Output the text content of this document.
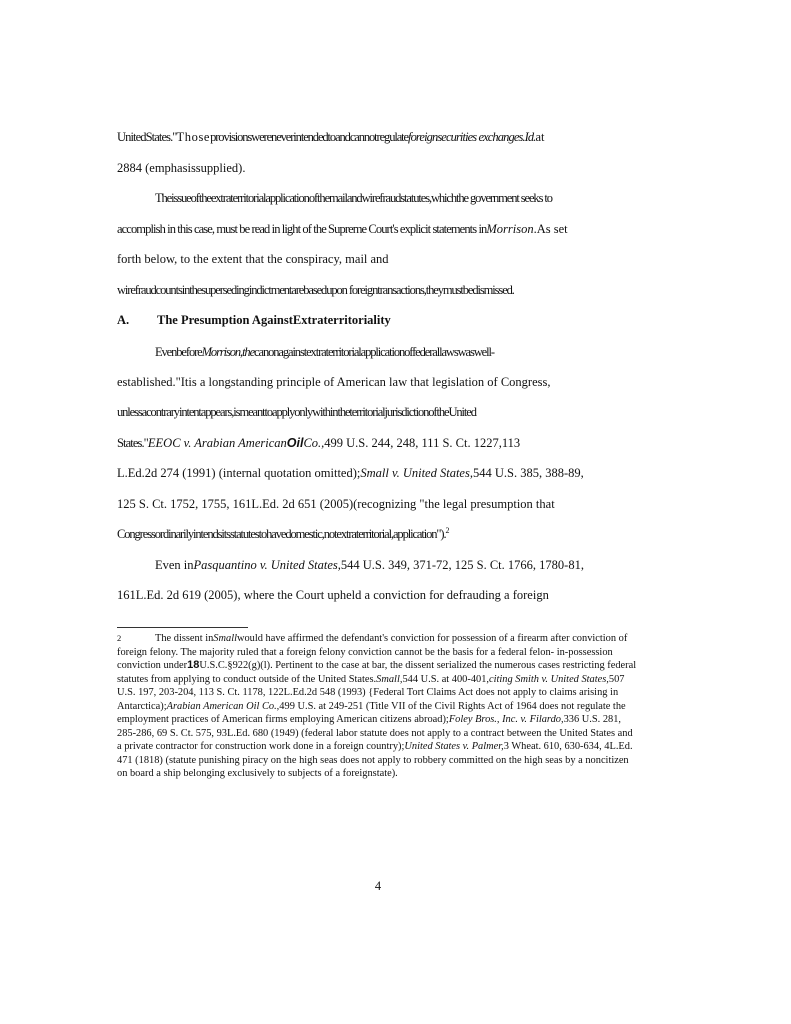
UnitedStates."Thoseprovisionswereneverintendedtoandcannotregulateforeignsecurities exchanges.Id.at
2884 (emphasissupplied).
Theissueoftheextraterritorialapplicationofthemailandwirefraudstatutes,whichthe government seeks to
accomplish in this case, must be read in light of the Supreme Court's explicit statements inMorrison.As set
forth below, to the extent that the conspiracy, mail and
wirefraudcountsinthesupersedingindictmentarebasedupon foreigntransactions,theymustbedismissed.
A. The Presumption AgainstExtraterritoriality
EvenbeforeMorrison,thecanonagainstextraterritorialapplicationoffederallawswaswell-
established."Itis a longstanding principle of American law that legislation of Congress,
unlessacontraryintentappears,ismeanttoapplyonlywithintheterritorialjurisdictionoftheUnited
States."EEOC v. Arabian AmericanOilCo.,499 U.S. 244, 248, 111 S. Ct. 1227,113
L.Ed.2d 274 (1991) (internal quotation omitted);Small v. United States,544 U.S. 385, 388-89,
125 S. Ct. 1752, 1755, 161L.Ed. 2d 651 (2005)(recognizing "the legal presumption that
Congressordinarilyintendsitsstatutestohavedomestic,notextraterritorial,application").$^2$
Even inPasquantino v. United States,544 U.S. 349, 371-72, 125 S. Ct. 1766, 1780-81,
161L.Ed. 2d 619 (2005), where the Court upheld a conviction for defrauding a foreign
2	The dissent inSmallwould have affirmed the defendant's conviction for possession of a firearm after conviction of foreign felony. The majority ruled that a foreign felony conviction cannot be the basis for a federal felon- in-possession conviction under18U.S.C.§922(g)(l). Pertinent to the case at bar, the dissent serialized the numerous cases restricting federal statutes from applying to conduct outside of the United States.Small,544 U.S. at 400-401,citing Smith v. United States,507 U.S. 197, 203-204, 113 S. Ct. 1178, 122L.Ed.2d 548 (1993) {Federal Tort Claims Act does not apply to claims arising in Antarctica);Arabian American Oil Co.,499 U.S. at 249-251 (Title VII of the Civil Rights Act of 1964 does not regulate the employment practices of American firms employing American citizens abroad);Foley Bros., Inc. v. Filardo,336 U.S. 281, 285-286, 69 S. Ct. 575, 93L.Ed. 680 (1949) (federal labor statute does not apply to a contract between the United States and a private contractor for construction work done in a foreign country);United States v. Palmer,3 Wheat. 610, 630-634, 4L.Ed. 471 (1818) (statute punishing piracy on the high seas does not apply to robbery committed on the high seas by a noncitizen on board a ship belonging exclusively to subjects of a foreignstate).
4
